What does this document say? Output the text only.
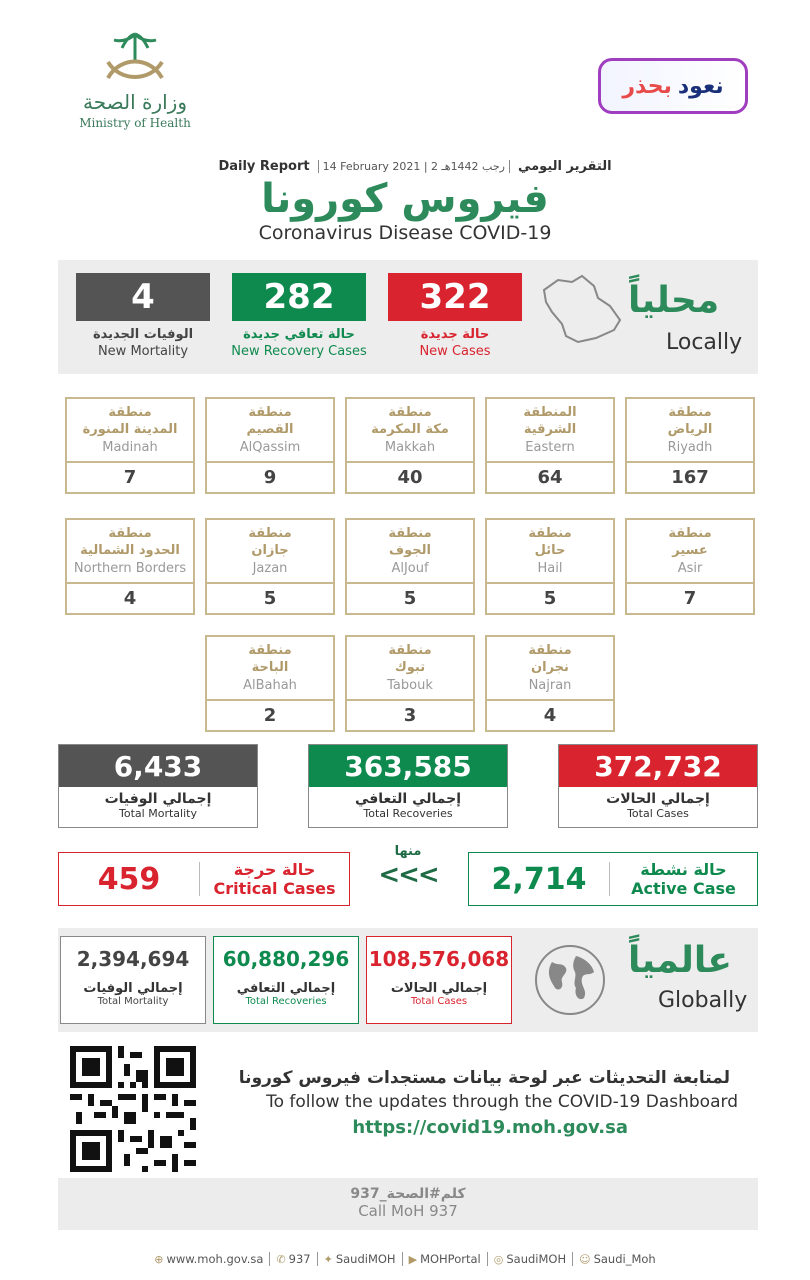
وزارة الصحة
Ministry of Health
نعود
بحذر
Daily Report	14 February 2021 | 2 رجب 1442هـ	التقرير اليومي
فيروس كورونا
Coronavirus Disease COVID-19
4
الوفيات الجديدة
New Mortality
282
حالة تعافي جديدة
New Recovery Cases
322
حالة جديدة
New Cases
محلياً
Locally
منطقة
الرياض
Riyadh
167
المنطقة
الشرقية
Eastern
64
منطقة
مكة المكرمة
Makkah
40
منطقة
القصيم
AlQassim
9
منطقة
المدينة المنورة
Madinah
7
منطقة
عسير
Asir
7
منطقة
حائل
Hail
5
منطقة
الجوف
AlJouf
5
منطقة
جازان
Jazan
5
منطقة
الحدود الشمالية
Northern Borders
4
منطقة
نجران
Najran
4
منطقة
تبوك
Tabouk
3
منطقة
الباحة
AlBahah
2
6,433
إجمالي الوفيات
Total Mortality
363,585
إجمالي التعافي
Total Recoveries
372,732
إجمالي الحالات
Total Cases
459	حالة حرجة
Critical Cases
منها
<<<	2,714	حالة نشطة
Active Case
2,394,694
إجمالي الوفيات
Total Mortality
60,880,296
إجمالي التعافي
Total Recoveries
108,576,068
إجمالي الحالات
Total Cases
عالمياً
Globally
لمتابعة التحديثات عبر لوحة بيانات مستجدات فيروس كورونا
To follow the updates through the COVID-19 Dashboard
https://covid19.moh.gov.sa
كلم#الصحة_937
Call MoH 937
⊕ www.moh.gov.sa ✆ 937 ✦ SaudiMOH ▶ MOHPortal ◎ SaudiMOH ☺ Saudi_Moh
